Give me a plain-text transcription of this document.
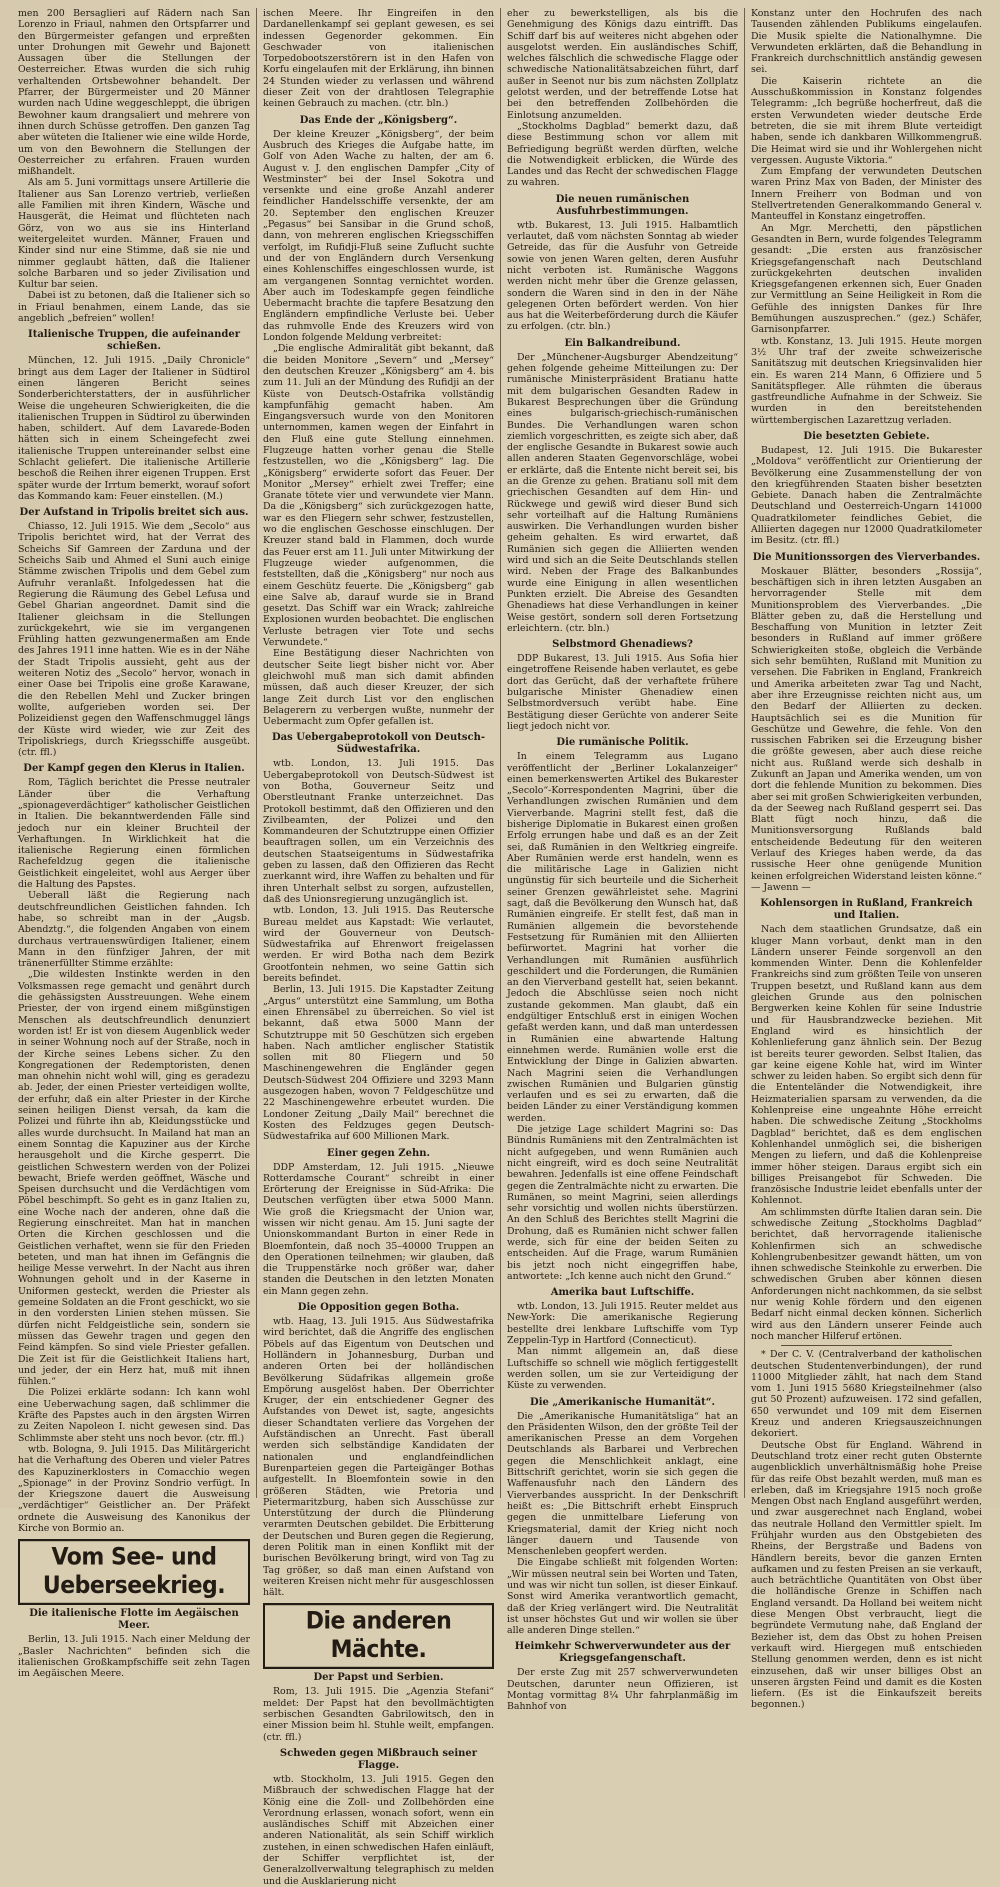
men 200 Bersaglieri auf Rädern nach San Lorenzo in Friaul, nahmen den Ortspfarrer und den Bürgermeister gefangen und erpreßten unter Drohungen mit Gewehr und Bajonett Aussagen über die Stellungen der Oesterreicher. Etwas wurden die sich ruhig verhaltenden Ortsbewohner behandelt. Der Pfarrer, der Bürgermeister und 20 Männer wurden nach Udine weggeschleppt, die übrigen Bewohner kaum drangsaliert und mehrere von ihnen durch Schüsse getroffen. Den ganzen Tag aber wüteten die Italiener wie eine wilde Horde, um von den Bewohnern die Stellungen der Oesterreicher zu erfahren. Frauen wurden mißhandelt.

Als am 5. Juni vormittags unsere Artillerie die Italiener aus San Lorenzo vertrieb, verließen alle Familien mit ihren Kindern, Wäsche und Hausgerät, die Heimat und flüchteten nach Görz, von wo aus sie ins Hinterland weitergeleitet wurden. Männer, Frauen und Kinder sind nur eine Stimme, daß sie nie und nimmer geglaubt hätten, daß die Italiener solche Barbaren und so jeder Zivilisation und Kultur bar seien.

Dabei ist zu betonen, daß die Italiener sich so in Friaul benahmen, einem Lande, das sie angeblich „befreien“ wollen!

Italienische Truppen, die aufeinander schießen.

München, 12. Juli 1915. „Daily Chronicle“ bringt aus dem Lager der Italiener in Südtirol einen längeren Bericht seines Sonderberichterstatters, der in ausführlicher Weise die ungeheuren Schwierigkeiten, die die italienischen Truppen in Südtirol zu überwinden haben, schildert. Auf dem Lavarede-Boden hätten sich in einem Scheingefecht zwei italienische Truppen untereinander selbst eine Schlacht geliefert. Die italienische Artillerie beschoß die Reihen ihrer eigenen Truppen. Erst später wurde der Irrtum bemerkt, worauf sofort das Kommando kam: Feuer einstellen. (M.)

Der Aufstand in Tripolis breitet sich aus.

Chiasso, 12. Juli 1915. Wie dem „Secolo“ aus Tripolis berichtet wird, hat der Verrat des Scheichs Sif Gamreen der Zarduna und der Scheichs Saib und Ahmed el Suni auch einige Stämme zwischen Tripolis und dem Gebel zum Aufruhr veranlaßt. Infolgedessen hat die Regierung die Räumung des Gebel Lefusa und Gebel Gharian angeordnet. Damit sind die Italiener gleichsam in die Stellungen zurückgekehrt, wie sie im vergangenen Frühling hatten gezwungenermaßen am Ende des Jahres 1911 inne hatten. Wie es in der Nähe der Stadt Tripolis aussieht, geht aus der weiteren Notiz des „Secolo“ hervor, wonach in einer Oase bei Tripolis eine große Karawane, die den Rebellen Mehl und Zucker bringen wollte, aufgerieben worden sei. Der Polizeidienst gegen den Waffenschmuggel längs der Küste wird wieder, wie zur Zeit des Tripoliskriegs, durch Kriegsschiffe ausgeübt. (ctr. ffl.)

Der Kampf gegen den Klerus in Italien.

Rom, Täglich berichtet die Presse neutraler Länder über die Verhaftung „spionageverdächtiger“ katholischer Geistlichen in Italien. Die bekanntwerdenden Fälle sind jedoch nur ein kleiner Bruchteil der Verhaftungen. In Wirklichkeit hat die italienische Regierung einen förmlichen Rachefeldzug gegen die italienische Geistlichkeit eingeleitet, wohl aus Aerger über die Haltung des Papstes.

Ueberall läßt die Regierung nach deutschfreundlichen Geistlichen fahnden. Ich habe, so schreibt man in der „Augsb. Abendztg.“, die folgenden Angaben von einem durchaus vertrauenswürdigen Italiener, einem Mann in den fünfziger Jahren, der mit tränenerfüllter Stimme erzählte:

„Die wildesten Instinkte werden in den Volksmassen rege gemacht und genährt durch die gehässigsten Ausstreuungen. Wehe einem Priester, der von irgend einem mißgünstigen Menschen als deutschfreundlich denunziert worden ist! Er ist von diesem Augenblick weder in seiner Wohnung noch auf der Straße, noch in der Kirche seines Lebens sicher. Zu den Kongregationen der Redemptoristen, denen man ohnehin nicht wohl will, ging es geradezu ab. Jeder, der einen Priester verteidigen wollte, der erfuhr, daß ein alter Priester in der Kirche seinen heiligen Dienst versah, da kam die Polizei und führte ihn ab, Kleidungsstücke und alles wurde durchsucht. In Mailand hat man an einem Sonntag die Kapuziner aus der Kirche herausgeholt und die Kirche gesperrt. Die geistlichen Schwestern werden von der Polizei bewacht, Briefe werden geöffnet, Wäsche und Speisen durchsucht und die Verdächtigen vom Pöbel beschimpft. So geht es in ganz Italien zu, eine Woche nach der anderen, ohne daß die Regierung einschreitet. Man hat in manchen Orten die Kirchen geschlossen und die Geistlichen verhaftet, wenn sie für den Frieden beteten, und man hat ihnen im Gefängnis die heilige Messe verwehrt. In der Nacht aus ihren Wohnungen geholt und in der Kaserne in Uniformen gesteckt, werden die Priester als gemeine Soldaten an die Front geschickt, wo sie in den vordersten Linien stehen müssen. Sie dürfen nicht Feldgeistliche sein, sondern sie müssen das Gewehr tragen und gegen den Feind kämpfen. So sind viele Priester gefallen. Die Zeit ist für die Geistlichkeit Italiens hart, und jeder, der ein Herz hat, muß mit ihnen fühlen.“

Die Polizei erklärte sodann: Ich kann wohl eine Ueberwachung sagen, daß schlimmer die Kräfte des Papstes auch in den ärgsten Wirren zu Zeiten Napoleon I. nicht gewesen sind. Das Schlimmste aber steht uns noch bevor. (ctr. ffl.)

wtb. Bologna, 9. Juli 1915. Das Militärgericht hat die Verhaftung des Oberen und vieler Patres des Kapuzinerklosters in Comacchio wegen „Spionage“ in der Provinz Sondrio verfügt. In der Kriegszone dauert die Ausweisung „verdächtiger“ Geistlicher an. Der Präfekt ordnete die Ausweisung des Kanonikus der Kirche von Bormio an.

Vom See- und Ueberseekrieg.
Die italienische Flotte im Aegäischen Meer.

Berlin, 13. Juli 1915. Nach einer Meldung der „Basler Nachrichten“ befinden sich die italienischen Großkampfschiffe seit zehn Tagen im Aegäischen Meere.

ischen Meere. Ihr Eingreifen in den Dardanellenkampf sei geplant gewesen, es sei indessen Gegenorder gekommen. Ein Geschwader von italienischen Torpedobootszerstörern ist in den Hafen von Korfu eingelaufen mit der Erklärung, ihn binnen 24 Stunden wieder zu verlassen und während dieser Zeit von der drahtlosen Telegraphie keinen Gebrauch zu machen. (ctr. bln.)

Das Ende der „Königsberg“.

Der kleine Kreuzer „Königsberg“, der beim Ausbruch des Krieges die Aufgabe hatte, im Golf von Aden Wache zu halten, der am 6. August v. J. den englischen Dampfer „City of Westminster“ bei der Insel Sokotra und versenkte und eine große Anzahl anderer feindlicher Handelsschiffe versenkte, der am 20. September den englischen Kreuzer „Pegasus“ bei Sansibar in die Grund schoß, dann, von mehreren englischen Kriegsschiffen verfolgt, im Rufidji-Fluß seine Zuflucht suchte und der von Engländern durch Versenkung eines Kohlenschiffes eingeschlossen wurde, ist am vergangenen Sonntag vernichtet worden. Aber auch im Todeskampfe gegen feindliche Uebermacht brachte die tapfere Besatzung den Engländern empfindliche Verluste bei. Ueber das ruhmvolle Ende des Kreuzers wird von London folgende Meldung verbreitet:

„Die englische Admiralität gibt bekannt, daß die beiden Monitore „Severn“ und „Mersey“ den deutschen Kreuzer „Königsberg“ am 4. bis zum 11. Juli an der Mündung des Rufidji an der Küste von Deutsch-Ostafrika vollständig kampfunfähig gemacht haben. Am Eingangsversuch wurde von den Monitoren unternommen, kamen wegen der Einfahrt in den Fluß eine gute Stellung einnehmen. Flugzeuge hatten vorher genau die Stelle festzustellen, wo die „Königsberg“ lag. Die „Königsberg“ erwiderte sofort das Feuer. Der Monitor „Mersey“ erhielt zwei Treffer; eine Granate tötete vier und verwundete vier Mann. Da die „Königsberg“ sich zurückgezogen hatte, war es den Fliegern sehr schwer, festzustellen, wo die englischen Geschosse einschlugen. Der Kreuzer stand bald in Flammen, doch wurde das Feuer erst am 11. Juli unter Mitwirkung der Flugzeuge wieder aufgenommen, die feststellten, daß die „Königsberg“ nur noch aus einem Geschütz feuerte. Die „Königsberg“ gab eine Salve ab, darauf wurde sie in Brand gesetzt. Das Schiff war ein Wrack; zahlreiche Explosionen wurden beobachtet. Die englischen Verluste betragen vier Tote und sechs Verwundete.“

Eine Bestätigung dieser Nachrichten von deutscher Seite liegt bisher nicht vor. Aber gleichwohl muß man sich damit abfinden müssen, daß auch dieser Kreuzer, der sich lange Zeit durch List vor den englischen Belagerern zu verbergen wußte, nunmehr der Uebermacht zum Opfer gefallen ist.

Das Uebergabeprotokoll von Deutsch-Südwestafrika.

wtb. London, 13. Juli 1915. Das Uebergabeprotokoll von Deutsch-Südwest ist von Botha, Gouverneur Seitz und Oberstleutnant Franke unterzeichnet. Das Protokoll bestimmt, daß den Offizieren und den Zivilbeamten, der Polizei und den Kommandeuren der Schutztruppe einen Offizier beauftragen sollen, um ein Verzeichnis des deutschen Staatseigentums in Südwestafrika geben zu lassen, daß den Offizieren das Recht zuerkannt wird, ihre Waffen zu behalten und für ihren Unterhalt selbst zu sorgen, aufzustellen, daß des Unionsregierung unzugänglich ist.

wtb. London, 13. Juli 1915. Das Reutersche Bureau meldet aus Kapstadt: Wie verlautet, wird der Gouverneur von Deutsch-Südwestafrika auf Ehrenwort freigelassen werden. Er wird Botha nach dem Bezirk Grootfontein nehmen, wo seine Gattin sich bereits befindet.

Berlin, 13. Juli 1915. Die Kapstadter Zeitung „Argus“ unterstützt eine Sammlung, um Botha einen Ehrensäbel zu überreichen. So viel ist bekannt, daß etwa 5000 Mann der Schutztruppe mit 50 Geschützen sich ergeben haben. Nach amtlicher englischer Statistik sollen mit 80 Fliegern und 50 Maschinengewehren die Engländer gegen Deutsch-Südwest 204 Offiziere und 3293 Mann ausgezogen haben, wovon 7 Feldgeschütze und 22 Maschinengewehre erbeutet wurden. Die Londoner Zeitung „Daily Mail“ berechnet die Kosten des Feldzuges gegen Deutsch-Südwestafrika auf 600 Millionen Mark.

Einer gegen Zehn.

DDP Amsterdam, 12. Juli 1915. „Nieuwe Rotterdamsche Courant“ schreibt in einer Erörterung der Ereignisse in Süd-Afrika: Die Deutschen verfügten über etwa 5000 Mann. Wie groß die Kriegsmacht der Union war, wissen wir nicht genau. Am 15. Juni sagte der Unionskommandant Burton in einer Rede in Bloemfontein, daß noch 35–40000 Truppen an den Operationen teilnehmen; wir glauben, daß die Truppenstärke noch größer war, daher standen die Deutschen in den letzten Monaten ein Mann gegen zehn.

Die Opposition gegen Botha.

wtb. Haag, 13. Juli 1915. Aus Südwestafrika wird berichtet, daß die Angriffe des englischen Pöbels auf das Eigentum von Deutschen und Holländern in Johannesburg, Durban und anderen Orten bei der holländischen Bevölkerung Südafrikas allgemein große Empörung ausgelöst haben. Der Oberrichter Kruger, der ein entschiedener Gegner des Aufstandes von Dewet ist, sagte, angesichts dieser Schandtaten verliere das Vorgehen der Aufständischen an Unrecht. Fast überall werden sich selbständige Kandidaten der nationalen und englandfeindlichen Burenparteien gegen die Parteigänger Bothas aufgestellt. In Bloemfontein sowie in den größeren Städten, wie Pretoria und Pietermaritzburg, haben sich Ausschüsse zur Unterstützung der durch die Plünderung verarmten Deutschen gebildet. Die Erbitterung der Deutschen und Buren gegen die Regierung, deren Politik man in einen Konflikt mit der burischen Bevölkerung bringt, wird von Tag zu Tag größer, so daß man einen Aufstand von weiteren Kreisen nicht mehr für ausgeschlossen hält.

Die anderen Mächte.
Der Papst und Serbien.

Rom, 13. Juli 1915. Die „Agenzia Stefani“ meldet: Der Papst hat den bevollmächtigten serbischen Gesandten Gabrilowitsch, den in einer Mission beim hl. Stuhle weilt, empfangen. (ctr. ffl.)

Schweden gegen Mißbrauch seiner Flagge.

wtb. Stockholm, 13. Juli 1915. Gegen den Mißbrauch der schwedischen Flagge hat der König eine die Zoll- und Zollbehörden eine Verordnung erlassen, wonach sofort, wenn ein ausländisches Schiff mit Abzeichen einer anderen Nationalität, als sein Schiff wirklich zustehen, in einen schwedischen Hafen einläuft, der Schiffer verpflichtet ist, der Generalzollverwaltung telegraphisch zu melden und die Ausklarierung nicht

eher zu bewerkstelligen, als bis die Genehmigung des Königs dazu eintrifft. Das Schiff darf bis auf weiteres nicht abgehen oder ausgelotst werden. Ein ausländisches Schiff, welches fälschlich die schwedische Flagge oder schwedische Nationalitätsabzeichen führt, darf außer in Seenot nur bis zum nächsten Zollplatz gelotst werden, und der betreffende Lotse hat bei den betreffenden Zollbehörden die Einlotsung anzumelden.

„Stockholms Dagblad“ bemerkt dazu, daß diese Bestimmung schon vor allem mit Befriedigung begrüßt werden dürften, welche die Notwendigkeit erblicken, die Würde des Landes und das Recht der schwedischen Flagge zu wahren.

Die neuen rumänischen Ausfuhrbestimmungen.

wtb. Bukarest, 13. Juli 1915. Halbamtlich verlautet, daß vom nächsten Sonntag ab wieder Getreide, das für die Ausfuhr von Getreide sowie von jenen Waren gelten, deren Ausfuhr nicht verboten ist. Rumänische Waggons werden nicht mehr über die Grenze gelassen, sondern die Waren sind in den in der Nähe gelegenen Orten befördert werden. Von hier aus hat die Weiterbeförderung durch die Käufer zu erfolgen. (ctr. bln.)

Ein Balkandreibund.

Der „Münchener-Augsburger Abendzeitung“ gehen folgende geheime Mitteilungen zu: Der rumänische Ministerpräsident Bratianu hatte mit dem bulgarischen Gesandten Radew in Bukarest Besprechungen über die Gründung eines bulgarisch-griechisch-rumänischen Bundes. Die Verhandlungen waren schon ziemlich vorgeschritten, es zeigte sich aber, daß der englische Gesandte in Bukarest sowie auch allen anderen Staaten Gegenvorschläge, wobei er erklärte, daß die Entente nicht bereit sei, bis an die Grenze zu gehen. Bratianu soll mit dem griechischen Gesandten auf dem Hin- und Rückwege und gewiß wird dieser Bund sich sehr vorteilhaft auf die Haltung Rumäniens auswirken. Die Verhandlungen wurden bisher geheim gehalten. Es wird erwartet, daß Rumänien sich gegen die Alliierten wenden wird und sich an die Seite Deutschlands stellen wird. Neben der Frage des Balkanbundes wurde eine Einigung in allen wesentlichen Punkten erzielt. Die Abreise des Gesandten Ghenadiews hat diese Verhandlungen in keiner Weise gestört, sondern soll deren Fortsetzung erleichtern. (ctr. bln.)

Selbstmord Ghenadiews?

DDP Bukarest, 13. Juli 1915. Aus Sofia hier eingetroffene Reisende haben verlautet, es gebe dort das Gerücht, daß der verhaftete frühere bulgarische Minister Ghenadiew einen Selbstmordversuch verübt habe. Eine Bestätigung dieser Gerüchte von anderer Seite liegt jedoch nicht vor.

Die rumänische Politik.

In einem Telegramm aus Lugano veröffentlicht der „Berliner Lokalanzeiger“ einen bemerkenswerten Artikel des Bukarester „Secolo“-Korrespondenten Magrini, über die Verhandlungen zwischen Rumänien und dem Vierverbande. Magrini stellt fest, daß die bisherige Diplomatie in Bukarest einen großen Erfolg errungen habe und daß es an der Zeit sei, daß Rumänien in den Weltkrieg eingreife. Aber Rumänien werde erst handeln, wenn es die militärische Lage in Galizien nicht ungünstig für sich beurteile und die Sicherheit seiner Grenzen gewährleistet sehe. Magrini sagt, daß die Bevölkerung den Wunsch hat, daß Rumänien eingreife. Er stellt fest, daß man in Rumänien allgemein die bevorstehende Festsetzung für Rumänien mit den Alliierten befürwortet. Magrini hat vorher die Verhandlungen mit Rumänien ausführlich geschildert und die Forderungen, die Rumänien an den Vierverband gestellt hat, seien bekannt. Jedoch die Abschlüsse seien noch nicht zustande gekommen. Man glaubt, daß ein endgültiger Entschluß erst in einigen Wochen gefaßt werden kann, und daß man unterdessen in Rumänien eine abwartende Haltung einnehmen werde. Rumänien wolle erst die Entwicklung der Dinge in Galizien abwarten. Nach Magrini seien die Verhandlungen zwischen Rumänien und Bulgarien günstig verlaufen und es sei zu erwarten, daß die beiden Länder zu einer Verständigung kommen werden.

Die jetzige Lage schildert Magrini so: Das Bündnis Rumäniens mit den Zentralmächten ist nicht aufgegeben, und wenn Rumänien auch nicht eingreift, wird es doch seine Neutralität bewahren. Jedenfalls ist eine offene Feindschaft gegen die Zentralmächte nicht zu erwarten. Die Rumänen, so meint Magrini, seien allerdings sehr vorsichtig und wollen nichts überstürzen. An den Schluß des Berichtes stellt Magrini die Drohung, daß es Rumänien nicht schwer fallen werde, sich für eine der beiden Seiten zu entscheiden. Auf die Frage, warum Rumänien bis jetzt noch nicht eingegriffen habe, antwortete: „Ich kenne auch nicht den Grund.“

Amerika baut Luftschiffe.

wtb. London, 13. Juli 1915. Reuter meldet aus New-York: Die amerikanische Regierung bestellte drei lenkbare Luftschiffe vom Typ Zeppelin-Typ in Hartford (Connecticut).

Man nimmt allgemein an, daß diese Luftschiffe so schnell wie möglich fertiggestellt werden sollen, um sie zur Verteidigung der Küste zu verwenden.

Die „Amerikanische Humanität“.

Die „Amerikanische Humanitätsliga“ hat an den Präsidenten Wilson, den der größte Teil der amerikanischen Presse an dem Vorgehen Deutschlands als Barbarei und Verbrechen gegen die Menschlichkeit anklagt, eine Bittschrift gerichtet, worin sie sich gegen die Waffenausfuhr nach den Ländern des Vierverbandes ausspricht. In der Denkschrift heißt es: „Die Bittschrift erhebt Einspruch gegen die unmittelbare Lieferung von Kriegsmaterial, damit der Krieg nicht noch länger dauern und Tausende von Menschenleben geopfert werden.

Die Eingabe schließt mit folgenden Worten: „Wir müssen neutral sein bei Worten und Taten, und was wir nicht tun sollen, ist dieser Einkauf. Sonst wird Amerika verantwortlich gemacht, daß der Krieg verlängert wird. Die Neutralität ist unser höchstes Gut und wir wollen sie über alle anderen Dinge stellen.“

Heimkehr Schwerverwundeter aus der Kriegsgefangenschaft.

Der erste Zug mit 257 schwerverwundeten Deutschen, darunter neun Offizieren, ist Montag vormittag 8¼ Uhr fahrplanmäßig im Bahnhof von

Konstanz unter den Hochrufen des nach Tausenden zählenden Publikums eingelaufen. Die Musik spielte die Nationalhymne. Die Verwundeten erklärten, daß die Behandlung in Frankreich durchschnittlich anständig gewesen sei.

Die Kaiserin richtete an die Ausschußkommission in Konstanz folgendes Telegramm: „Ich begrüße hocherfreut, daß die ersten Verwundeten wieder deutsche Erde betreten, die sie mit ihrem Blute verteidigt haben, sende ich dankbaren Willkommengruß. Die Heimat wird sie und ihr Wohlergehen nicht vergessen. Auguste Viktoria.“

Zum Empfang der verwundeten Deutschen waren Prinz Max von Baden, der Minister des Innern Freiherr von Bodman und von Stellvertretenden Generalkommando General v. Manteuffel in Konstanz eingetroffen.

An Mgr. Merchetti, den päpstlichen Gesandten in Bern, wurde folgendes Telegramm gesandt: „Die ersten aus französischer Kriegsgefangenschaft nach Deutschland zurückgekehrten deutschen invaliden Kriegsgefangenen erkennen sich, Euer Gnaden zur Vermittlung an Seine Heiligkeit in Rom die Gefühle des innigsten Dankes für Ihre Bemühungen auszusprechen.“ (gez.) Schäfer, Garnisonpfarrer.

wtb. Konstanz, 13. Juli 1915. Heute morgen 3½ Uhr traf der zweite schweizerische Sanitätszug mit deutschen Kriegsinvaliden hier ein. Es waren 214 Mann, 6 Offiziere und 5 Sanitätspfleger. Alle rühmten die überaus gastfreundliche Aufnahme in der Schweiz. Sie wurden in den bereitstehenden württembergischen Lazarettzug verladen.

Die besetzten Gebiete.

Budapest, 12. Juli 1915. Die Bukarester „Moldova“ veröffentlicht zur Orientierung der Bevölkerung eine Zusammenstellung der von den kriegführenden Staaten bisher besetzten Gebiete. Danach haben die Zentralmächte Deutschland und Oesterreich-Ungarn 141000 Quadratkilometer feindliches Gebiet, die Alliierten dagegen nur 12000 Quadratkilometer im Besitz. (ctr. ffl.)

Die Munitionssorgen des Vierverbandes.

Moskauer Blätter, besonders „Rossija“, beschäftigen sich in ihren letzten Ausgaben an hervorragender Stelle mit dem Munitionsproblem des Vierverbandes. „Die Blätter geben zu, daß die Herstellung und Beschaffung von Munition in letzter Zeit besonders in Rußland auf immer größere Schwierigkeiten stoße, obgleich die Verbände sich sehr bemühten, Rußland mit Munition zu versehen. Die Fabriken in England, Frankreich und Amerika arbeiteten zwar Tag und Nacht, aber ihre Erzeugnisse reichten nicht aus, um den Bedarf der Alliierten zu decken. Hauptsächlich sei es die Munition für Geschütze und Gewehre, die fehle. Von den russischen Fabriken sei die Erzeugung bisher die größte gewesen, aber auch diese reiche nicht aus. Rußland werde sich deshalb in Zukunft an Japan und Amerika wenden, um von dort die fehlende Munition zu bekommen. Dies aber sei mit großen Schwierigkeiten verbunden, da der Seeweg nach Rußland gesperrt sei. Das Blatt fügt noch hinzu, daß die Munitionsversorgung Rußlands bald entscheidende Bedeutung für den weiteren Verlauf des Krieges haben werde, da das russische Heer ohne genügende Munition keinen erfolgreichen Widerstand leisten könne.“ — Jawenn —

Kohlensorgen in Rußland, Frankreich und Italien.

Nach dem staatlichen Grundsatze, daß ein kluger Mann vorbaut, denkt man in den Ländern unserer Feinde sorgenvoll an den kommenden Winter. Denn die Kohlenfelder Frankreichs sind zum größten Teile von unseren Truppen besetzt, und Rußland kann aus dem gleichen Grunde aus den polnischen Bergwerken keine Kohlen für seine Industrie und für Hausbrandzwecke beziehen. Mit England wird es hinsichtlich der Kohlenlieferung ganz ähnlich sein. Der Bezug ist bereits teurer geworden. Selbst Italien, das gar keine eigene Kohle hat, wird im Winter schwer zu leiden haben. So ergibt sich denn für die Ententeländer die Notwendigkeit, ihre Heizmaterialien sparsam zu verwenden, da die Kohlenpreise eine ungeahnte Höhe erreicht haben. Die schwedische Zeitung „Stockholms Dagblad“ berichtet, daß es dem englischen Kohlenhandel unmöglich sei, die bisherigen Mengen zu liefern, und daß die Kohlenpreise immer höher steigen. Daraus ergibt sich ein billiges Preisangebot für Schweden. Die französische Industrie leidet ebenfalls unter der Kohlennot.

Am schlimmsten dürfte Italien daran sein. Die schwedische Zeitung „Stockholms Dagblad“ berichtet, daß hervorragende italienische Kohlenfirmen sich an schwedische Kohlengrubenbesitzer gewandt hätten, um von ihnen schwedische Steinkohle zu erwerben. Die schwedischen Gruben aber können diesen Anforderungen nicht nachkommen, da sie selbst nur wenig Kohle fördern und den eigenen Bedarf nicht einmal decken können. Sicherlich wird aus den Ländern unserer Feinde auch noch mancher Hilferuf ertönen.

* Der C. V. (Centralverband der katholischen deutschen Studentenverbindungen), der rund 11000 Mitglieder zählt, hat nach dem Stand vom 1. Juni 1915 5680 Kriegsteilnehmer (also gut 50 Prozent) aufzuweisen. 172 sind gefallen, 650 verwundet und 109 mit dem Eisernen Kreuz und anderen Kriegsauszeichnungen dekoriert.

Deutsche Obst für England. Während in Deutschland trotz einer recht guten Obsternte augenblicklich unverhältnismäßig hohe Preise für das reife Obst bezahlt werden, muß man es erleben, daß im Kriegsjahre 1915 noch große Mengen Obst nach England ausgeführt werden, und zwar ausgerechnet nach England, wobei das neutrale Holland den Vermittler spielt. Im Frühjahr wurden aus den Obstgebieten des Rheins, der Bergstraße und Badens von Händlern bereits, bevor die ganzen Ernten aufkamen und zu festen Preisen an sie verkauft, auch beträchtliche Quantitäten von Obst über die holländische Grenze in Schiffen nach England versandt. Da Holland bei weitem nicht diese Mengen Obst verbraucht, liegt die begründete Vermutung nahe, daß England der Bezieher ist, dem das Obst zu hohen Preisen verkauft wird. Hiergegen muß entschieden Stellung genommen werden, denn es ist nicht einzusehen, daß wir unser billiges Obst an unseren ärgsten Feind und damit es die Kosten liefern. (Es ist die Einkaufszeit bereits begonnen.)
